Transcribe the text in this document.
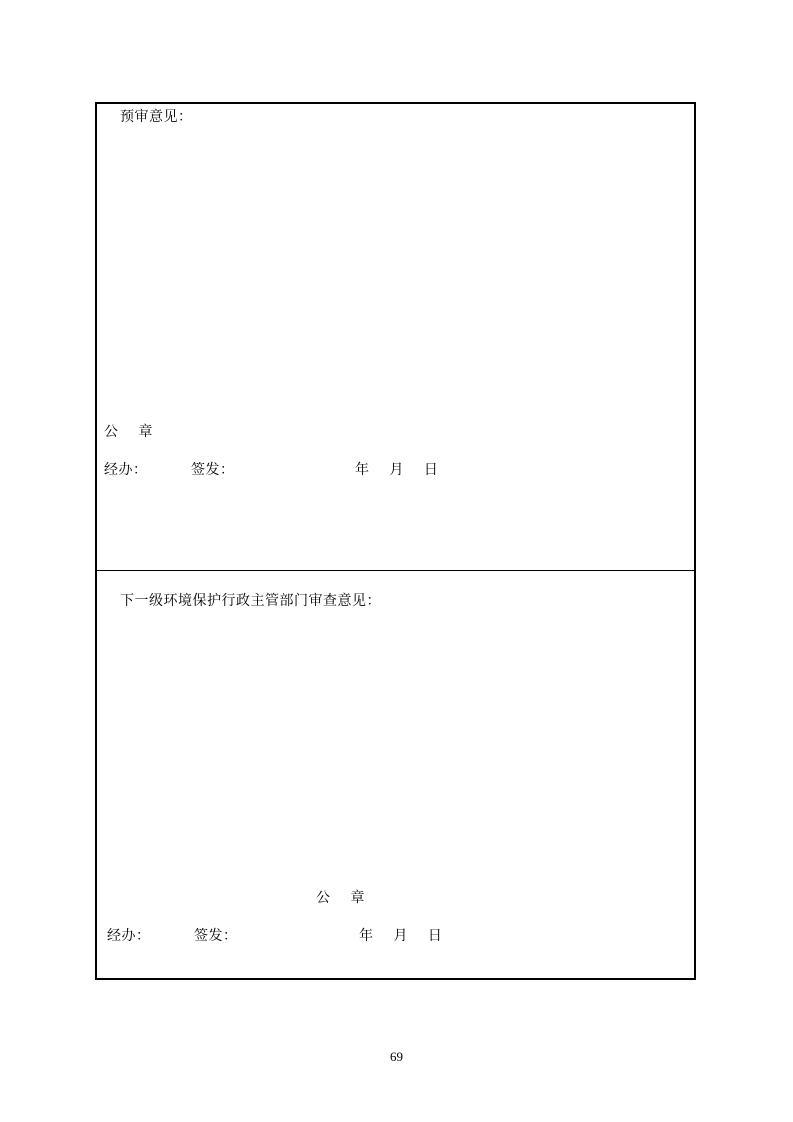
预审意见：
公 章
经办：	签发：	年 月 日
下一级环境保护行政主管部门审查意见：
公 章
经办：	签发：	年 月 日
69
